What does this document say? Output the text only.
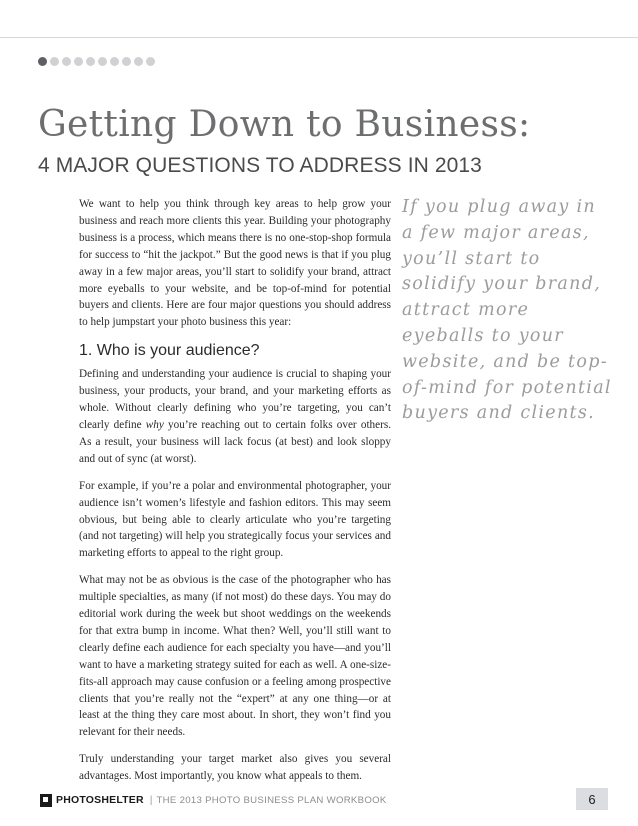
Getting Down to Business:
4 MAJOR QUESTIONS TO ADDRESS IN 2013

We want to help you think through key areas to help grow your business and reach more clients this year. Building your photography business is a process, which means there is no one-stop-shop formula for success to “hit the jackpot.” But the good news is that if you plug away in a few major areas, you’ll start to solidify your brand, attract more eyeballs to your website, and be top-of-mind for potential buyers and clients. Here are four major questions you should address to help jumpstart your photo business this year:

1. Who is your audience?

Defining and understanding your audience is crucial to shaping your business, your products, your brand, and your marketing efforts as whole. Without clearly defining who you’re targeting, you can’t clearly define why you’re reaching out to certain folks over others. As a result, your business will lack focus (at best) and look sloppy and out of sync (at worst).

For example, if you’re a polar and environmental photographer, your audience isn’t women’s lifestyle and fashion editors. This may seem obvious, but being able to clearly articulate who you’re targeting (and not targeting) will help you strategically focus your services and marketing efforts to appeal to the right group.

What may not be as obvious is the case of the photographer who has multiple specialties, as many (if not most) do these days. You may do editorial work during the week but shoot weddings on the weekends for that extra bump in income. What then? Well, you’ll still want to clearly define each audience for each specialty you have—and you’ll want to have a marketing strategy suited for each as well. A one-size-fits-all approach may cause confusion or a feeling among prospective clients that you’re really not the “expert” at any one thing—or at least at the thing they care most about. In short, they won’t find you relevant for their needs.

Truly understanding your target market also gives you several advantages. Most importantly, you know what appeals to them.

If you plug away in a few major areas, you’ll start to solidify your brand, attract more eyeballs to your website, and be top-of-mind for potential buyers and clients.

PHOTOSHELTER | THE 2013 PHOTO BUSINESS PLAN WORKBOOK	6
